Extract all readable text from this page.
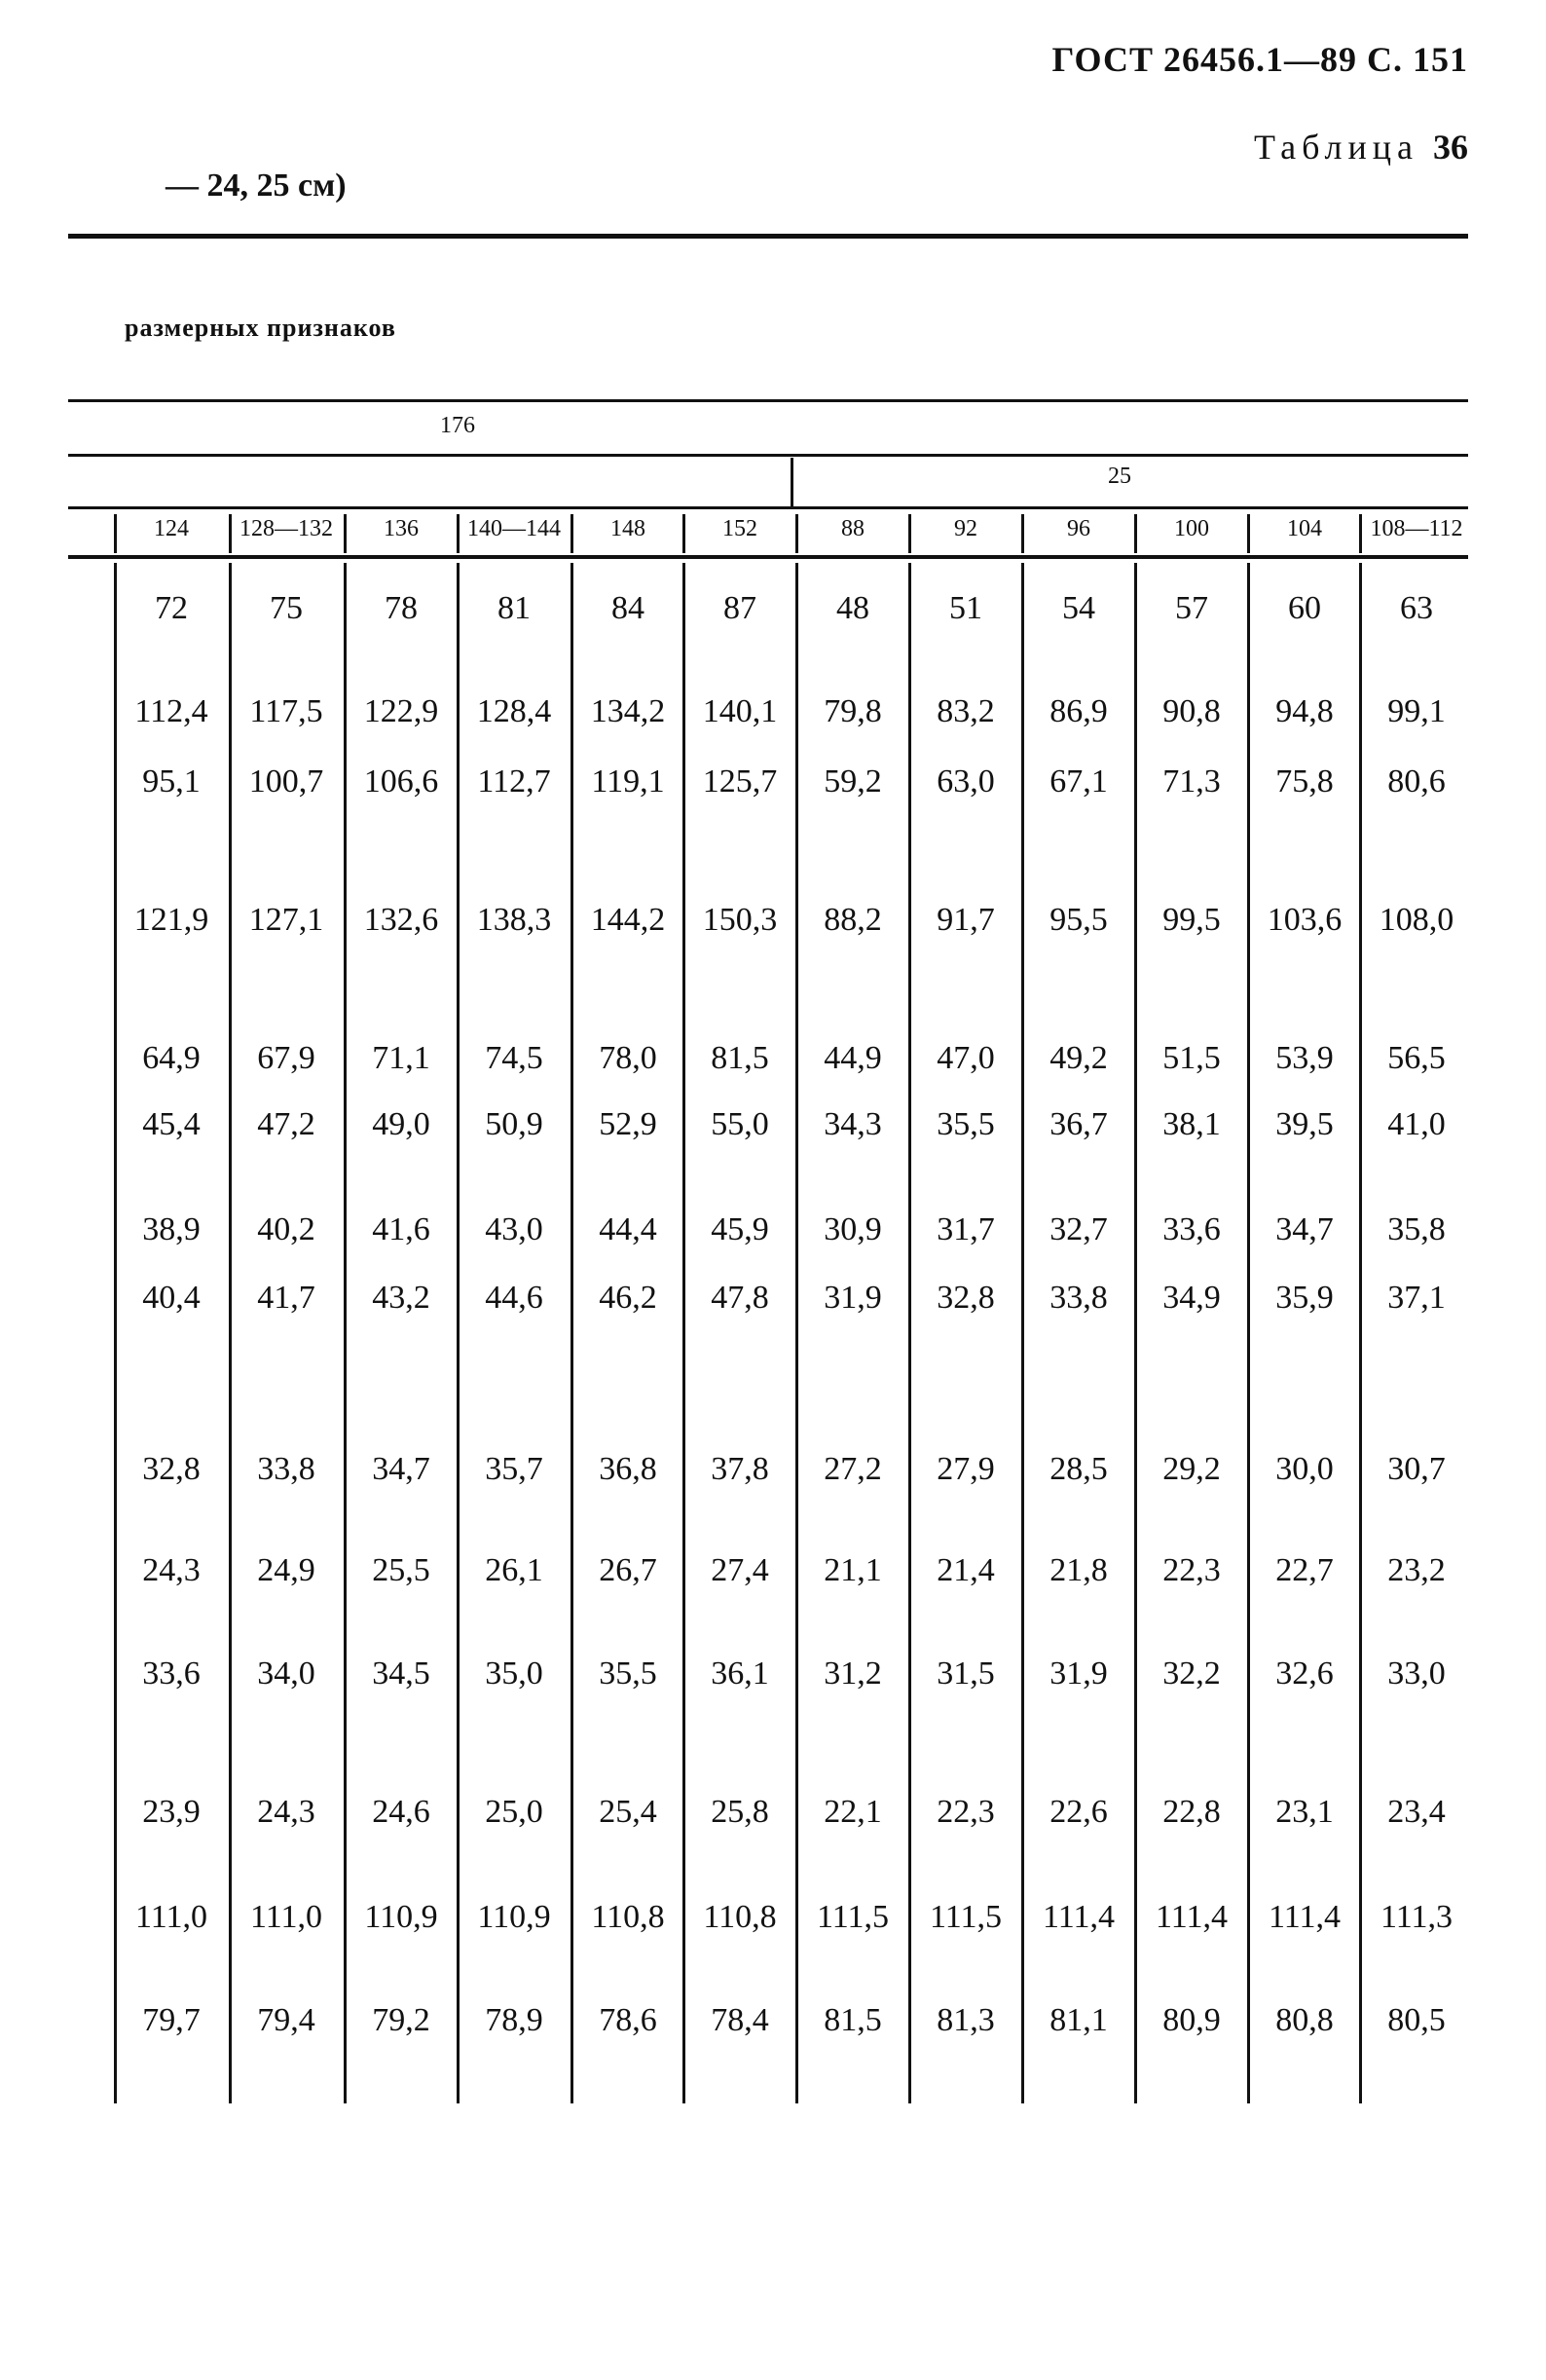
ГОСТ 26456.1—89 С. 151
Таблица 36
— 24, 25 см)
размерных признаков
176
25
124	128—132	136	140—144	148	152	88	92	96	100	104	108—112
72	75	78	81	84	87	48	51	54	57	60	63
112,4	117,5	122,9	128,4	134,2	140,1	79,8	83,2	86,9	90,8	94,8	99,1
95,1	100,7	106,6	112,7	119,1	125,7	59,2	63,0	67,1	71,3	75,8	80,6
121,9	127,1	132,6	138,3	144,2	150,3	88,2	91,7	95,5	99,5	103,6	108,0
64,9	67,9	71,1	74,5	78,0	81,5	44,9	47,0	49,2	51,5	53,9	56,5
45,4	47,2	49,0	50,9	52,9	55,0	34,3	35,5	36,7	38,1	39,5	41,0
38,9	40,2	41,6	43,0	44,4	45,9	30,9	31,7	32,7	33,6	34,7	35,8
40,4	41,7	43,2	44,6	46,2	47,8	31,9	32,8	33,8	34,9	35,9	37,1
32,8	33,8	34,7	35,7	36,8	37,8	27,2	27,9	28,5	29,2	30,0	30,7
24,3	24,9	25,5	26,1	26,7	27,4	21,1	21,4	21,8	22,3	22,7	23,2
33,6	34,0	34,5	35,0	35,5	36,1	31,2	31,5	31,9	32,2	32,6	33,0
23,9	24,3	24,6	25,0	25,4	25,8	22,1	22,3	22,6	22,8	23,1	23,4
111,0	111,0	110,9	110,9	110,8	110,8	111,5	111,5	111,4	111,4	111,4	111,3
79,7	79,4	79,2	78,9	78,6	78,4	81,5	81,3	81,1	80,9	80,8	80,5
